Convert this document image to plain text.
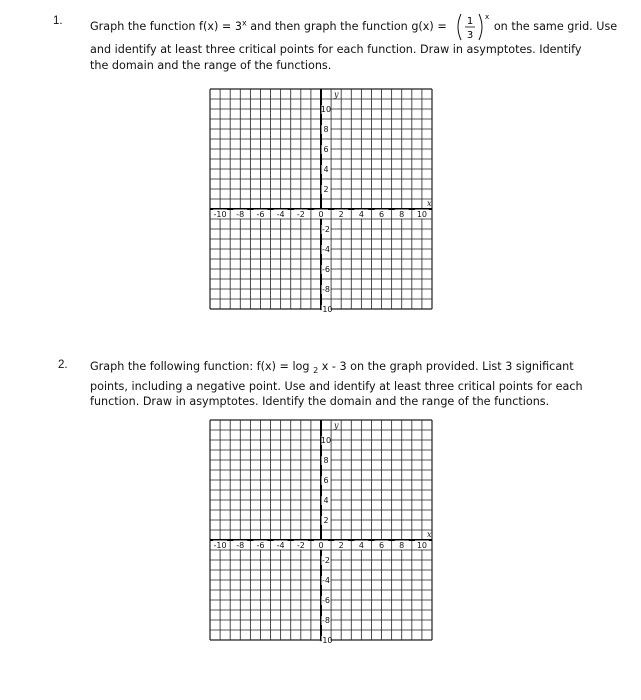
1. Graph the function $f(x) = 3^x$ and then graph the function g(x) = 1
3
x
on the same grid. Use
and identify at least three critical points for each function. Draw in asymptotes. Identify
the domain and the range of the functions.
-10 -8 -6 -4 -2 0 2 4 6 8 10
10
8
6
4
2
-2
-4
-6
-8
-10
x
y
2. Graph the following function: f(x) = log $_2$ x - 3 on the graph provided. List 3 significant
points, including a negative point. Use and identify at least three critical points for each
function. Draw in asymptotes. Identify the domain and the range of the functions.
-10 -8 -6 -4 -2 0 2 4 6 8 10
10
8
6
4
2
-2
-4
-6
-8
-10
x
y
